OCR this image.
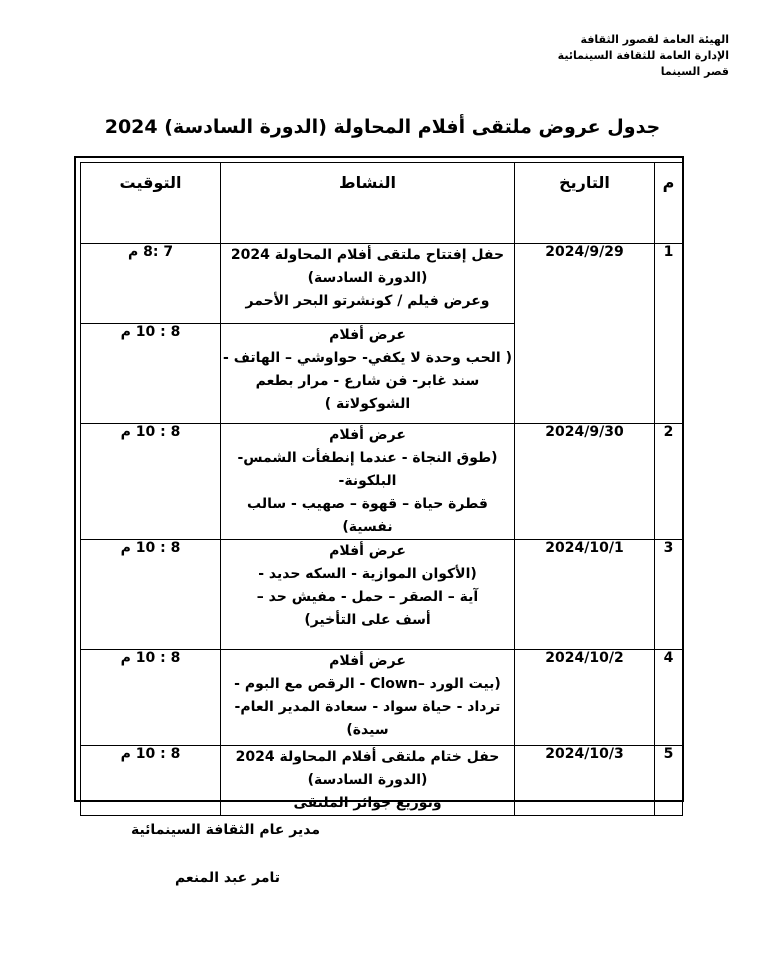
الهيئة العامة لقصور الثقافة
الإدارة العامة للثقافة السينمائية
قصر السينما
جدول عروض ملتقى أفلام المحاولة (الدورة السادسة) 2024
م	التاريخ	النشاط	التوقيت
1	2024/9/29	حفل إفتتاح ملتقى أفلام المحاولة 2024
(الدورة السادسة)
وعرض فيلم / كونشرتو البحر الأحمر	7 :8 م

		عرض أفلام
( الحب وحدة لا يكفي- حواوشي – الهاتف -
سند غابر- فن شارع - مرار بطعم الشوكولاتة )	8 : 10 م
2	2024/9/30	عرض أفلام
(طوق النجاة - عندما إنطفأت الشمس-البلكونة-
قطرة حياة – قهوة – صهيب - سالب نفسية)	8 : 10 م
3	2024/10/1	عرض أفلام
(الأكوان الموازية - السكه حديد -
آية – الصقر – حمل - مفيش حد –
أسف على التأخير)	8 : 10 م
4	2024/10/2	عرض أفلام
(بيت الورد –Clown - الرقص مع البوم -
ترداد - حياة سواد - سعادة المدير العام- سيدة)	8 : 10 م
5	2024/10/3	حفل ختام ملتقى أفلام المحاولة 2024
(الدورة السادسة)
وتوزيع جوائز الملتقى	8 : 10 م
مدير عام الثقافة السينمائية
تامر عبد المنعم
